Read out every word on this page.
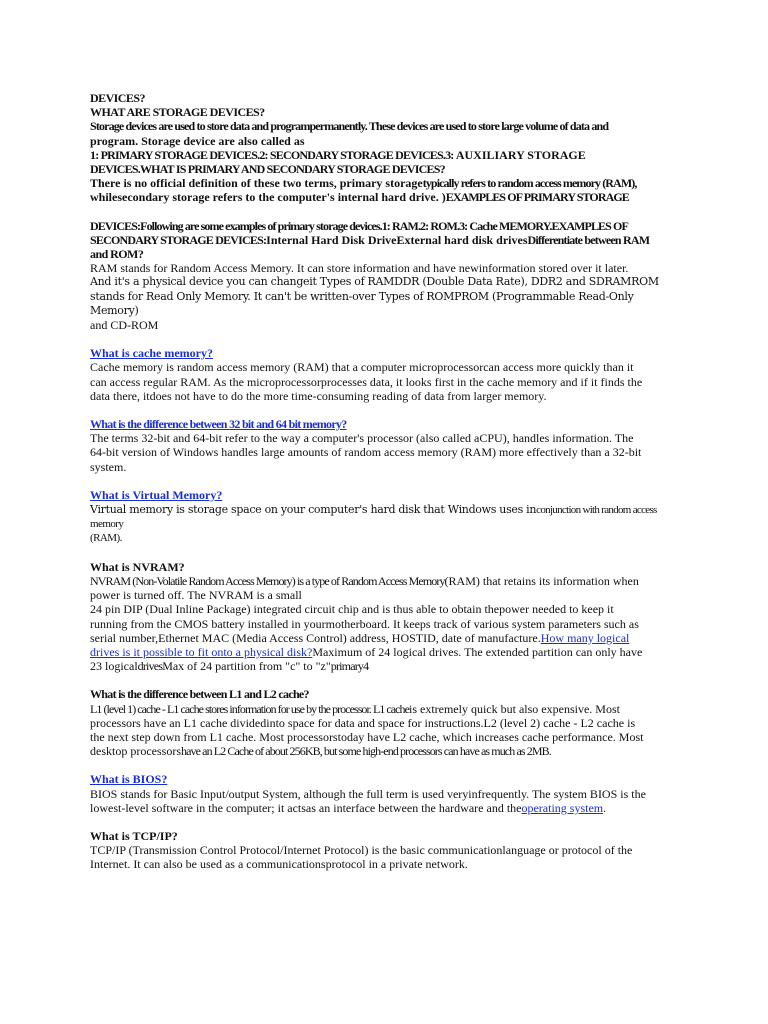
DEVICES?

WHAT ARE STORAGE DEVICES?

Storage devices are used to store data and programpermanently. These devices are used to store large volume of data and

program. Storage device are also called as

1: PRIMARY STORAGE DEVICES.2: SECONDARY STORAGE DEVICES.3: AUXILIARY STORAGE

DEVICES.WHAT IS PRIMARY AND SECONDARY STORAGE DEVICES?

There is no official definition of these two terms, primary storagetypically refers to random access memory (RAM),

whilesecondary storage refers to the computer's internal hard drive. )EXAMPLES OF PRIMARY STORAGE

DEVICES:Following are some examples of primary storage devices.1: RAM.2: ROM.3: Cache MEMORY.EXAMPLES OF

SECONDARY STORAGE DEVICES:Internal Hard Disk DriveExternal hard disk drivesDifferentiate between RAM

and ROM?

RAM stands for Random Access Memory. It can store information and have newinformation stored over it later.

And it's a physical device you can changeit Types of RAMDDR (Double Data Rate), DDR2 and SDRAMROM

stands for Read Only Memory. It can't be written-over Types of ROMPROM (Programmable Read-Only Memory)

and CD-ROM

What is cache memory?

Cache memory is random access memory (RAM) that a computer microprocessorcan access more quickly than it

can access regular RAM. As the microprocessorprocesses data, it looks first in the cache memory and if it finds the

data there, itdoes not have to do the more time-consuming reading of data from larger memory.

What is the difference between 32 bit and 64 bit memory?

The terms 32-bit and 64-bit refer to the way a computer's processor (also called aCPU), handles information. The

64-bit version of Windows handles large amounts of random access memory (RAM) more effectively than a 32-bit

system.

What is Virtual Memory?

Virtual memory is storage space on your computer's hard disk that Windows uses inconjunction with random access

memory

(RAM).

What is NVRAM?

NVRAM (Non-Volatile Random Access Memory) is a type of Random Access Memory(RAM) that retains its information when

power is turned off. The NVRAM is a small

24 pin DIP (Dual Inline Package) integrated circuit chip and is thus able to obtain thepower needed to keep it

running from the CMOS battery installed in yourmotherboard. It keeps track of various system parameters such as

serial number,Ethernet MAC (Media Access Control) address, HOSTID, date of manufacture.How many logical

drives is it possible to fit onto a physical disk?Maximum of 24 logical drives. The extended partition can only have

23 logicaldrivesMax of 24 partition from "c" to "z"primary4

What is the difference between L1 and L2 cache?

L1 (level 1) cache - L1 cache stores information for use by the processor. L1 cacheis extremely quick but also expensive. Most

processors have an L1 cache dividedinto space for data and space for instructions.L2 (level 2) cache - L2 cache is

the next step down from L1 cache. Most processorstoday have L2 cache, which increases cache performance. Most

desktop processorshave an L2 Cache of about 256KB, but some high-end processors can have as much as 2MB.

What is BIOS?

BIOS stands for Basic Input/output System, although the full term is used veryinfrequently. The system BIOS is the

lowest-level software in the computer; it actsas an interface between the hardware and theoperating system.

What is TCP/IP?

TCP/IP (Transmission Control Protocol/Internet Protocol) is the basic communicationlanguage or protocol of the

Internet. It can also be used as a communicationsprotocol in a private network.
